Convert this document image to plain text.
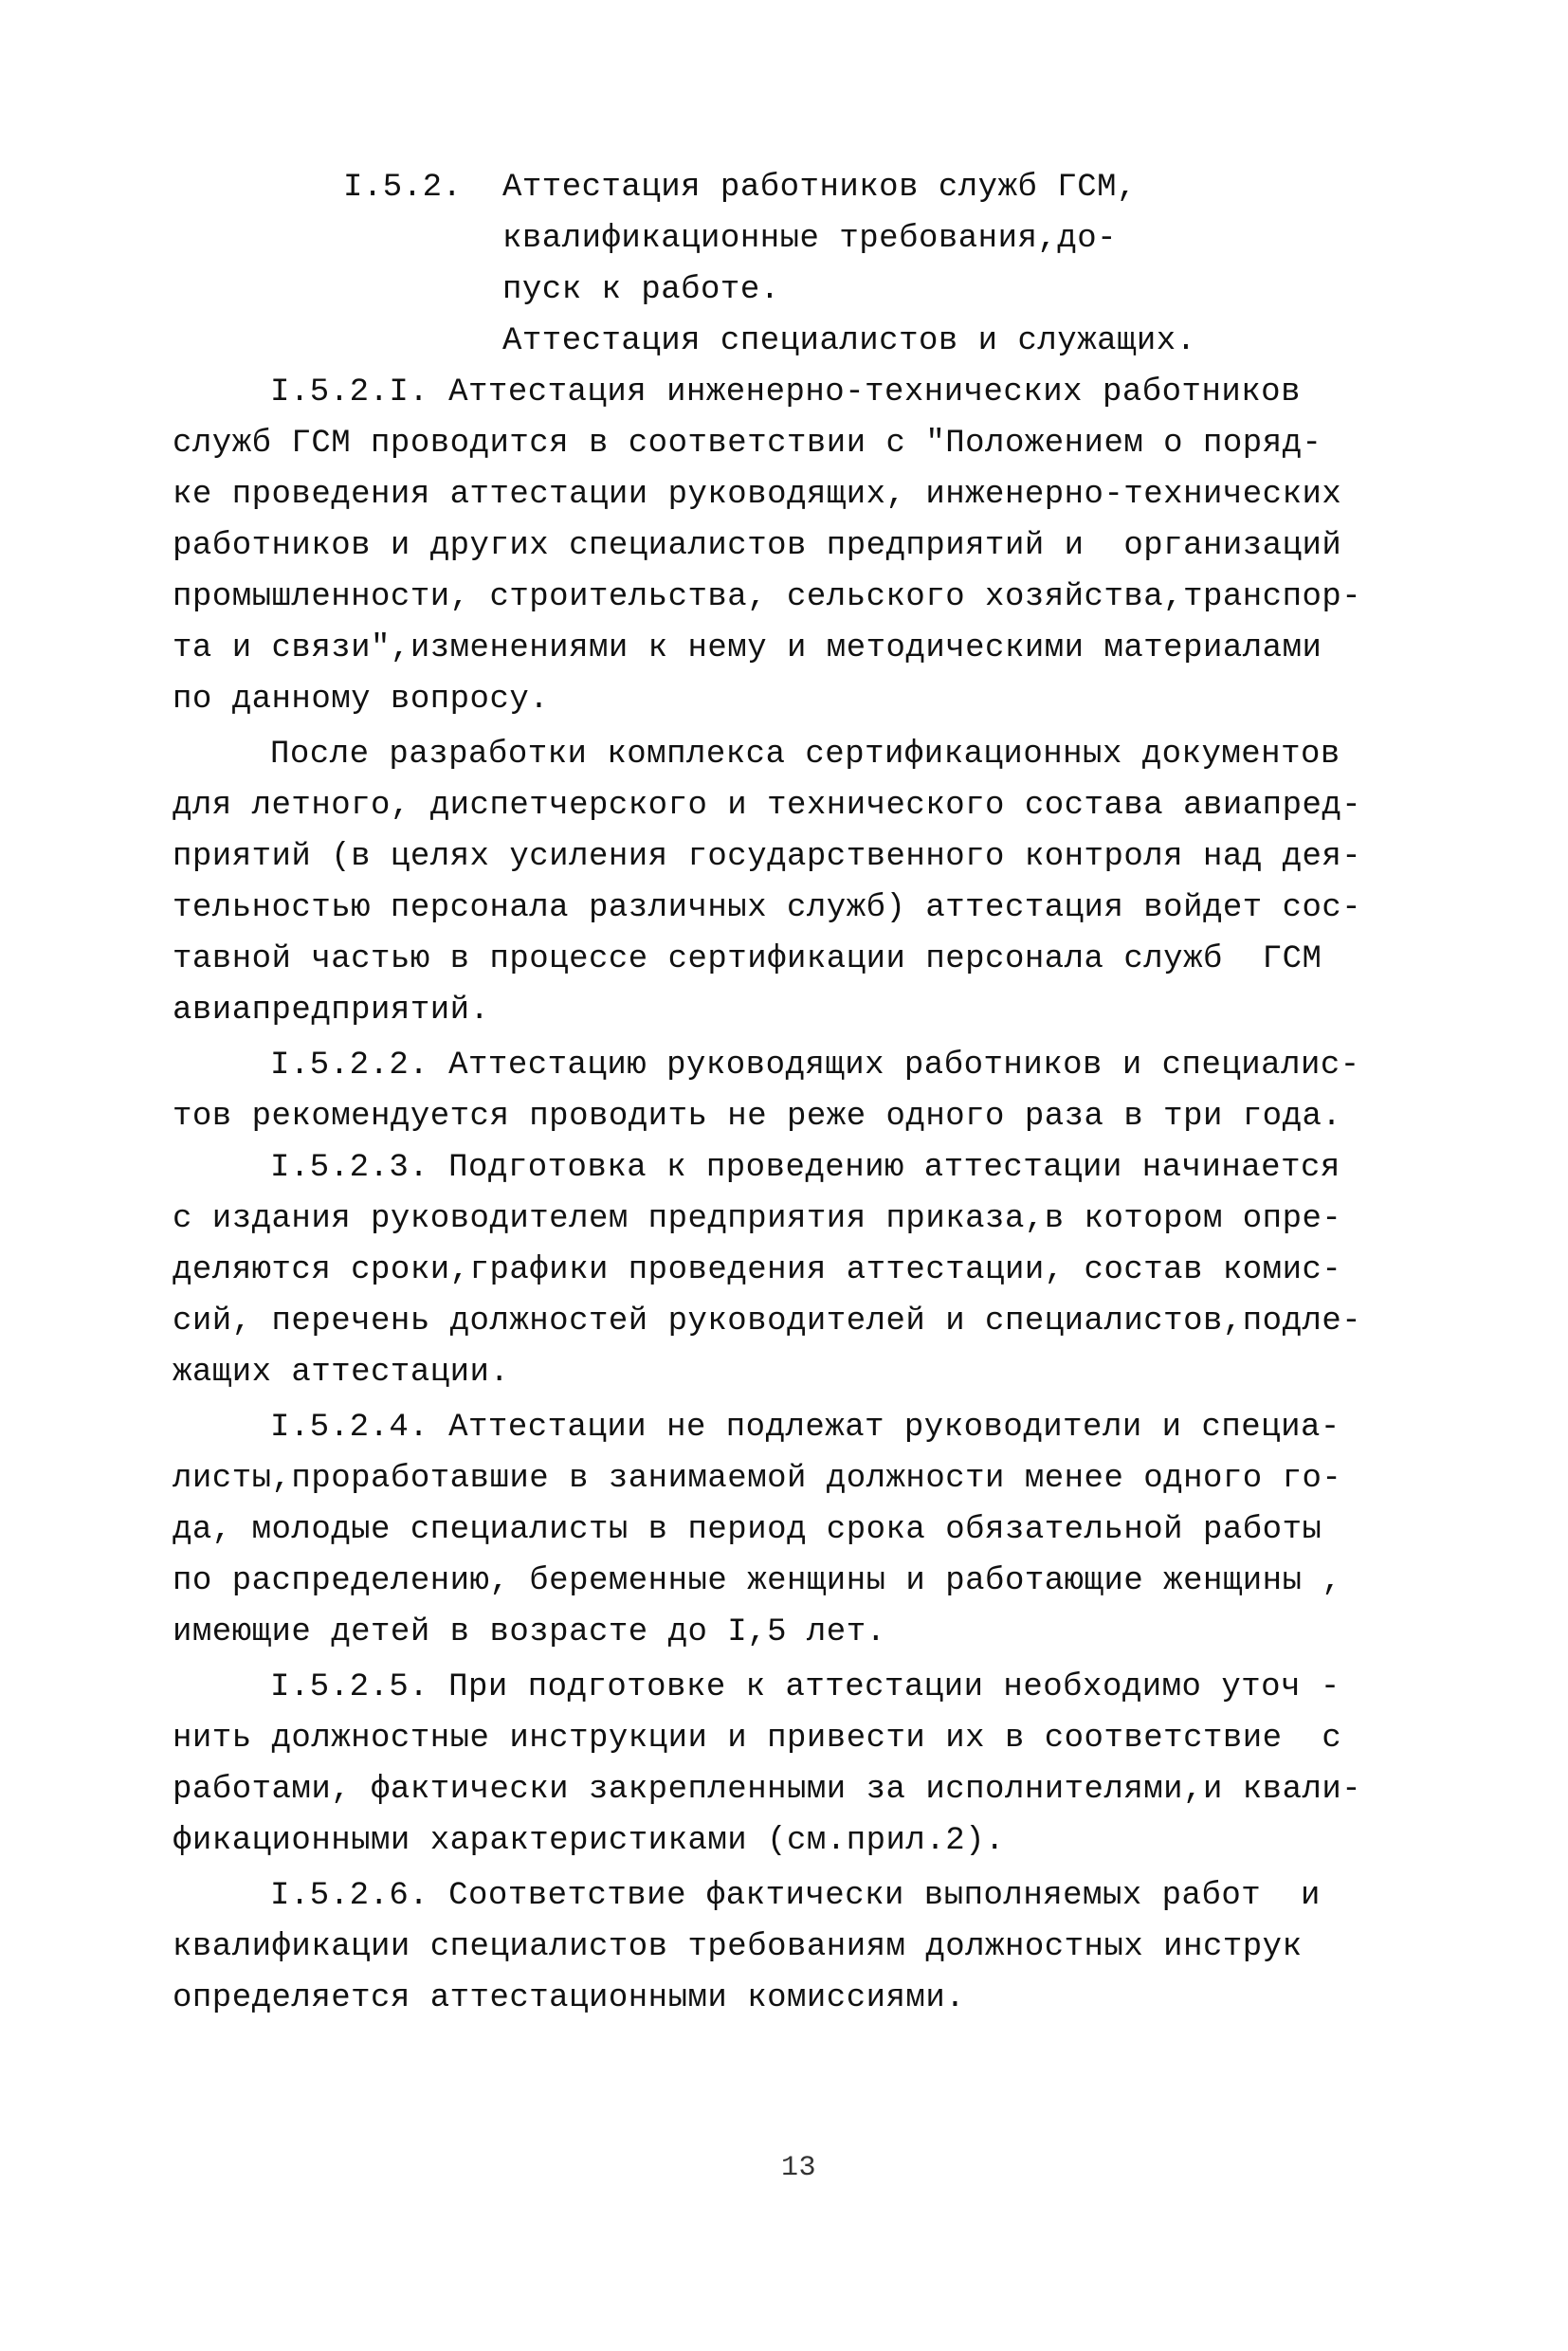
I.5.2. Аттестация работников служб ГСМ,
квалификационные требования,до-
пуск к работе.
Аттестация специалистов и служащих.
I.5.2.I. Аттестация инженерно-технических работников
служб ГСМ проводится в соответствии с "Положением о поряд-
ке проведения аттестации руководящих, инженерно-технических
работников и других специалистов предприятий и  организаций
промышленности, строительства, сельского хозяйства,транспор-
та и связи",изменениями к нему и методическими материалами
по данному вопросу.
После разработки комплекса сертификационных документов
для летного, диспетчерского и технического состава авиапред-
приятий (в целях усиления государственного контроля над дея-
тельностью персонала различных служб) аттестация войдет сос-
тавной частью в процессе сертификации персонала служб  ГСМ
авиапредприятий.
I.5.2.2. Аттестацию руководящих работников и специалис-
тов рекомендуется проводить не реже одного раза в три года.
I.5.2.3. Подготовка к проведению аттестации начинается
с издания руководителем предприятия приказа,в котором опре-
деляются сроки,графики проведения аттестации, состав комис-
сий, перечень должностей руководителей и специалистов,подле-
жащих аттестации.
I.5.2.4. Аттестации не подлежат руководители и специа-
листы,проработавшие в занимаемой должности менее одного го-
да, молодые специалисты в период срока обязательной работы
по распределению, беременные женщины и работающие женщины ,
имеющие детей в возрасте до I,5 лет.
I.5.2.5. При подготовке к аттестации необходимо уточ -
нить должностные инструкции и привести их в соответствие  с
работами, фактически закрепленными за исполнителями,и квали-
фикационными характеристиками (см.прил.2).
I.5.2.6. Соответствие фактически выполняемых работ  и
квалификации специалистов требованиям должностных инструк
определяется аттестационными комиссиями.
13
